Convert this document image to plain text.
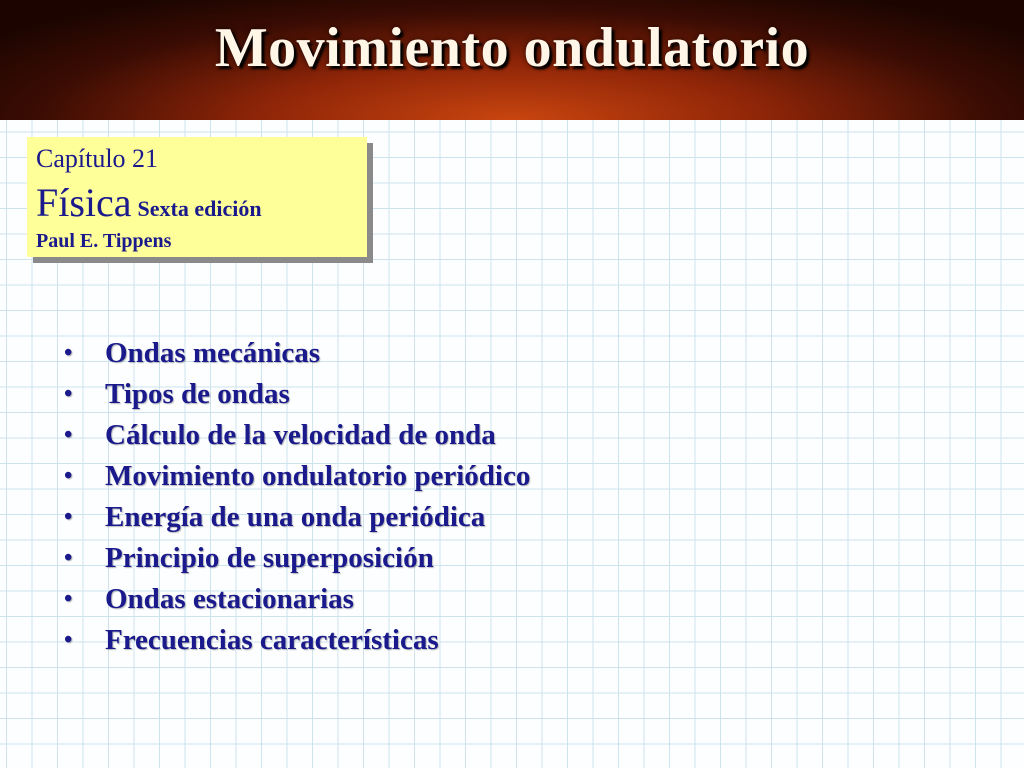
Movimiento ondulatorio
Capítulo 21
Física Sexta edición
Paul E. Tippens
• Ondas mecánicas
• Tipos de ondas
• Cálculo de la velocidad de onda
• Movimiento ondulatorio periódico
• Energía de una onda periódica
• Principio de superposición
• Ondas estacionarias
• Frecuencias características
